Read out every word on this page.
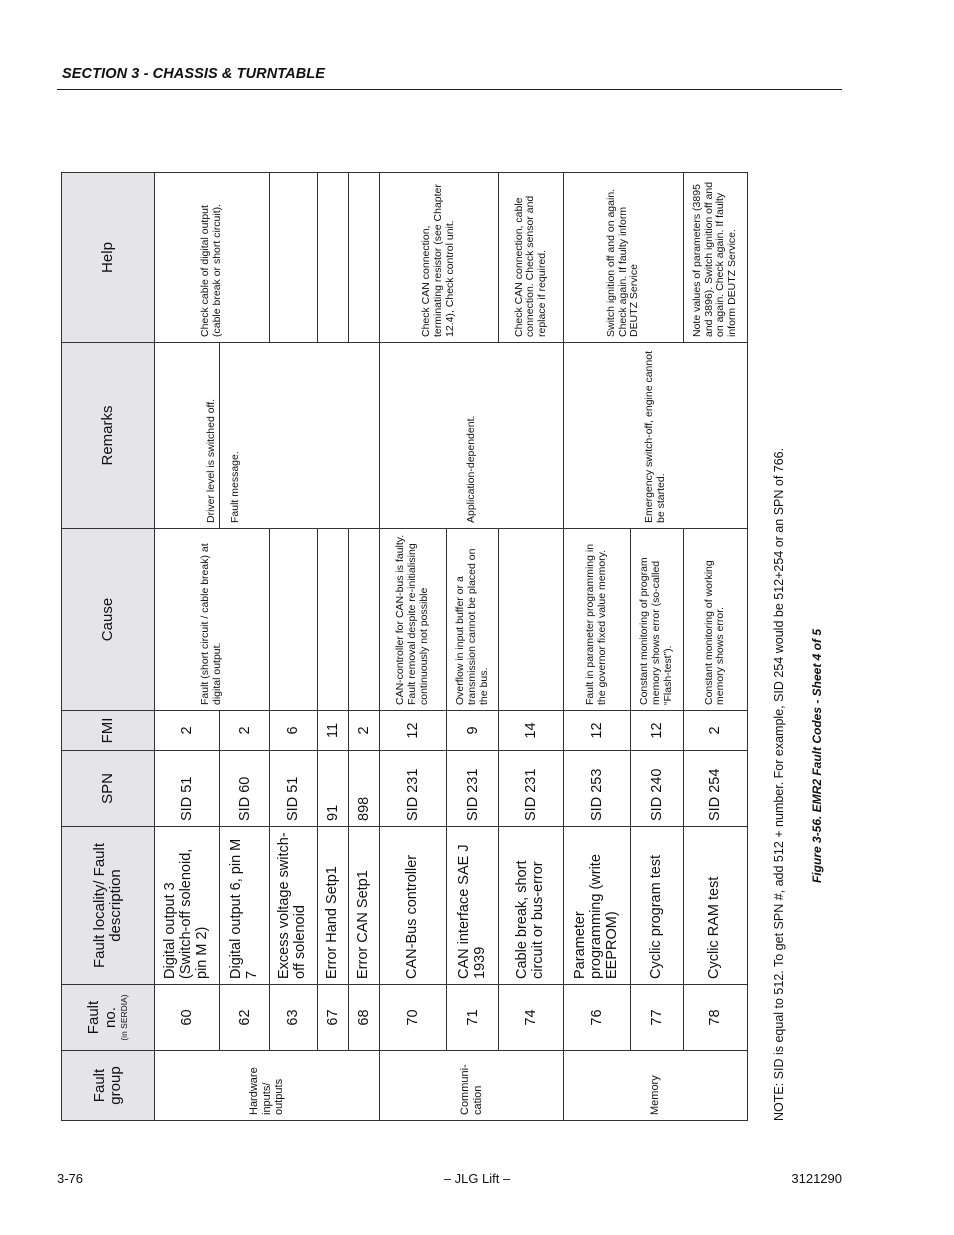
SECTION 3 - CHASSIS & TURNTABLE
Fault group	Fault no. (in SERDIA)	Fault locality/ Fault description	SPN	FMI	Cause	Remarks	Help
Hardware inputs/ outputs	60	Digital output 3 (Switch-off solenoid, pin M 2)	SID 51	2	Fault (short circuit / cable break) at digital output.	Driver level is switched off.	Check cable of digital output (cable break or short circuit).
	62	Digital output 6, pin M 7	SID 60	2		Fault message.	
	63	Excess voltage switch-off solenoid	SID 51	6			
	67	Error Hand Setp1	91	11			
	68	Error CAN Setp1	898	2			
Communi- cation	70	CAN-Bus controller	SID 231	12	CAN-controller for CAN-bus is faulty. Fault removal despite re-initialising continuously not possible	Application-dependent.	Check CAN connection, terminating resistor (see Chapter 12.4), Check control unit.
	71	CAN interface SAE J 1939	SID 231	9	Overflow in input buffer or a transmission cannot be placed on the bus.		
	74	Cable break, short circuit or bus-error	SID 231	14			Check CAN connection, cable connection. Check sensor and replace if required.
Memory	76	Parameter programming (write EEPROM)	SID 253	12	Fault in parameter programming in the governor fixed value memory.	Emergency switch-off, engine cannot be started.	Switch ignition off and on again. Check again. If faulty inform DEUTZ Service
	77	Cyclic program test	SID 240	12	Constant monitoring of program memory shows error (so-called “Flash-test”).		
	78	Cyclic RAM test	SID 254	2	Constant monitoring of working memory shows error.		Note values of parameters (3895 and 3896). Switch ignition off and on again. Check again. If faulty inform DEUTZ Service.
NOTE: SID is equal to 512. To get SPN #, add 512 + number. For example, SID 254 would be 512+254 or an SPN of 766. Figure 3-56. EMR2 Fault Codes - Sheet 4 of 5
3-76	– JLG Lift –	3121290
